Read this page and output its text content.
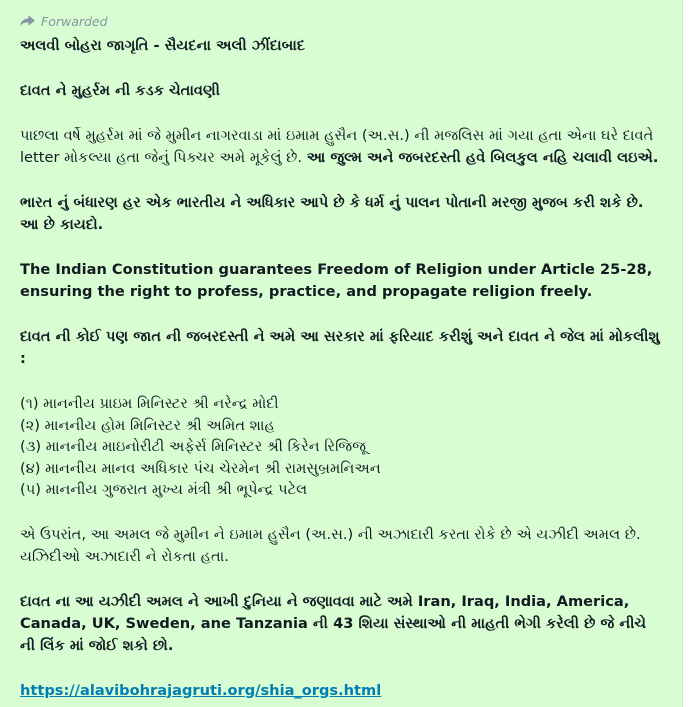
Forwarded

અલવી બોહરા જાગૃતિ - સૈયદના અલી ઝીંદાબાદ

દાવત ને મુહર્રમ ની કડક ચેતાવણી

પાછલા વર્ષે મુહર્રમ માં જે મુમીન નાગરવાડા માં ઇમામ હુસૈન (અ.સ.) ની મજલિસ માં ગયા હતા એના ઘરે દાવતે letter મોકલ્યા હતા જેનું પિક્ચર અમે મૂકેલું છે. આ જુલ્મ અને જબરદસ્તી હવે બિલકુલ નહિ ચલાવી લઇએ.

ભારત નું બંધારણ હર એક ભારતીય ને અધિકાર આપે છે કે ધર્મ નું પાલન પોતાની મરજી મુજબ કરી શકે છે. આ છે કાયદો.

The Indian Constitution guarantees Freedom of Religion under Article 25-28, ensuring the right to profess, practice, and propagate religion freely.

દાવત ની કોઈ પણ જાત ની જબરદસ્તી ને અમે આ સરકાર માં ફરિયાદ કરીશું અને દાવત ને જેલ માં મોકલીશુ :

(૧) માનનીય પ્રાઇમ મિનિસ્ટર શ્રી નરેન્દ્ર મોદી
(૨) માનનીય હોમ મિનિસ્ટર શ્રી અમિત શાહ
(૩) માનનીય માઇનોરીટી અફેર્સ મિનિસ્ટર શ્રી કિરેન રિજિજૂ
(૪) માનનીય માનવ અધિકાર પંચ ચેરમેન શ્રી રામસુબ્રમનિઅન
(૫) માનનીય ગુજરાત મુખ્ય મંત્રી શ્રી ભૂપેન્દ્ર પટેલ

એ ઉપરાંત, આ અમલ જે મુમીન ને ઇમામ હુસૈન (અ.સ.) ની અઝાદારી કરતા રોકે છે એ યઝીદી અમલ છે. યઝિદીઓ અઝાદારી ને રોકતા હતા.

દાવત ના આ યઝીદી અમલ ને આખી દુનિયા ને જણાવવા માટે અમે Iran, Iraq, India, America, Canada, UK, Sweden, ane Tanzania ની 43 શિયા સંસ્થાઓ ની માહતી ભેગી કરેલી છે જે નીચે ની લિંક માં જોઈ શકો છો.

https://alavibohrajagruti.org/shia_orgs.html
